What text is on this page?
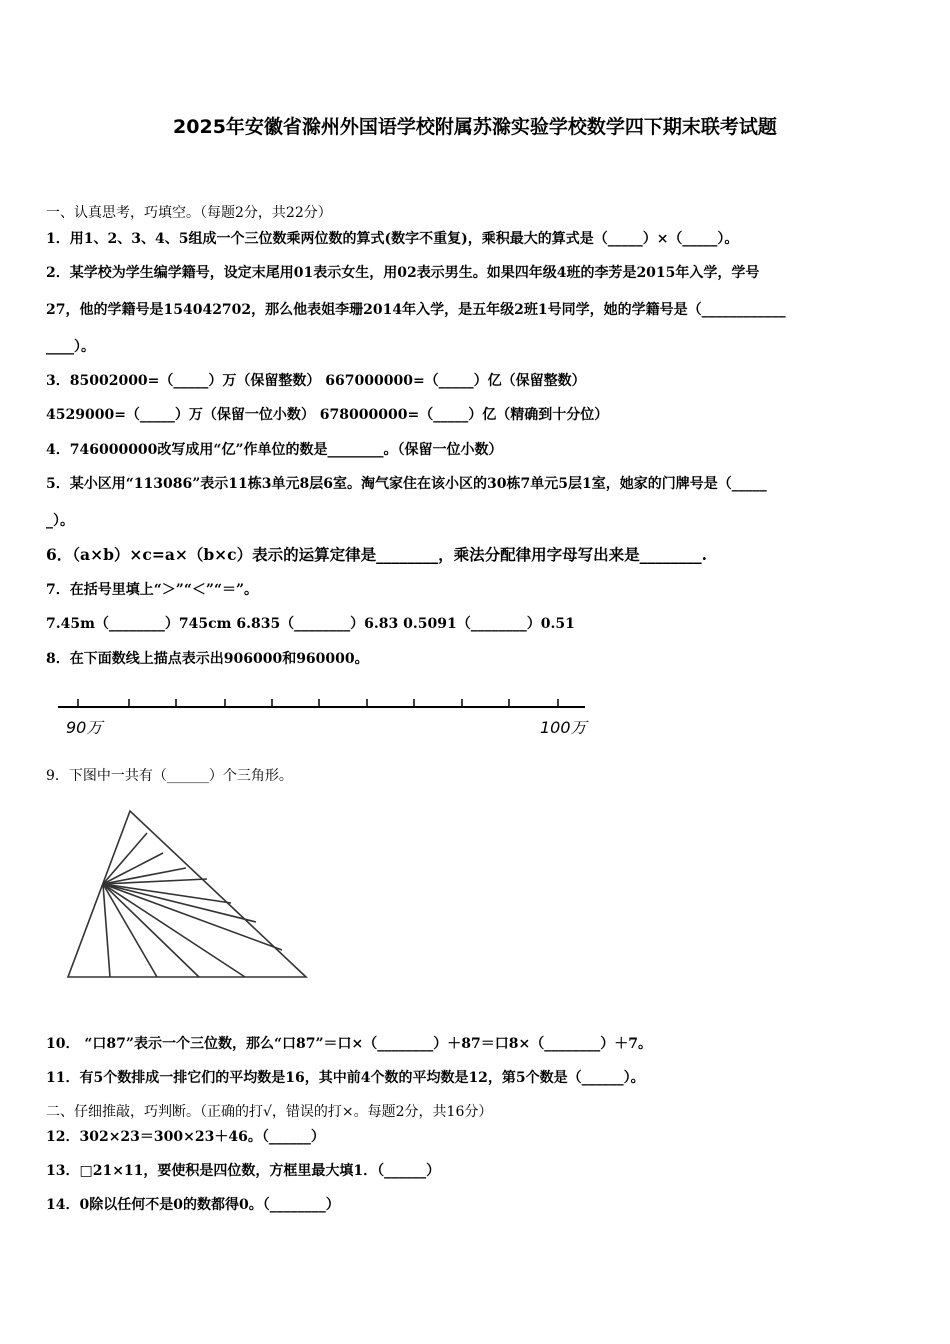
2025年安徽省滁州外国语学校附属苏滁实验学校数学四下期末联考试题
一、认真思考，巧填空。（每题2分，共22分）
1．用1、2、3、4、5组成一个三位数乘两位数的算式(数字不重复)，乘积最大的算式是（_____）×（_____）。
2．某学校为学生编学籍号，设定末尾用01表示女生，用02表示男生。如果四年级4班的李芳是2015年入学，学号
27，他的学籍号是154042702，那么他表姐李珊2014年入学，是五年级2班1号同学，她的学籍号是（____________
____）。
3．85002000=（_____）万（保留整数） 667000000=（_____）亿（保留整数）
4529000=（_____）万（保留一位小数） 678000000=（_____）亿（精确到十分位）
4．746000000改写成用“亿”作单位的数是________。（保留一位小数）
5．某小区用“113086”表示11栋3单元8层6室。淘气家住在该小区的30栋7单元5层1室，她家的门牌号是（_____
_）。
6．（a×b）×c=a×（b×c）表示的运算定律是________，乘法分配律用字母写出来是________.
7．在括号里填上“＞”“＜”“＝”。
7.45m（________）745cm 6.835（________）6.83 0.5091（________）0.51
8．在下面数线上描点表示出906000和960000。
90万	100万
9．下图中一共有（______）个三角形。
10． “口87”表示一个三位数，那么“口87”＝口×（________）＋87＝口8×（________）＋7。
11．有5个数排成一排它们的平均数是16，其中前4个数的平均数是12，第5个数是（______）。
二、仔细推敲，巧判断。（正确的打√，错误的打×。每题2分，共16分）
12．302×23＝300×23＋46。（______）
13．□21×11，要使积是四位数，方框里最大填1．（______）
14．0除以任何不是0的数都得0。（________）
